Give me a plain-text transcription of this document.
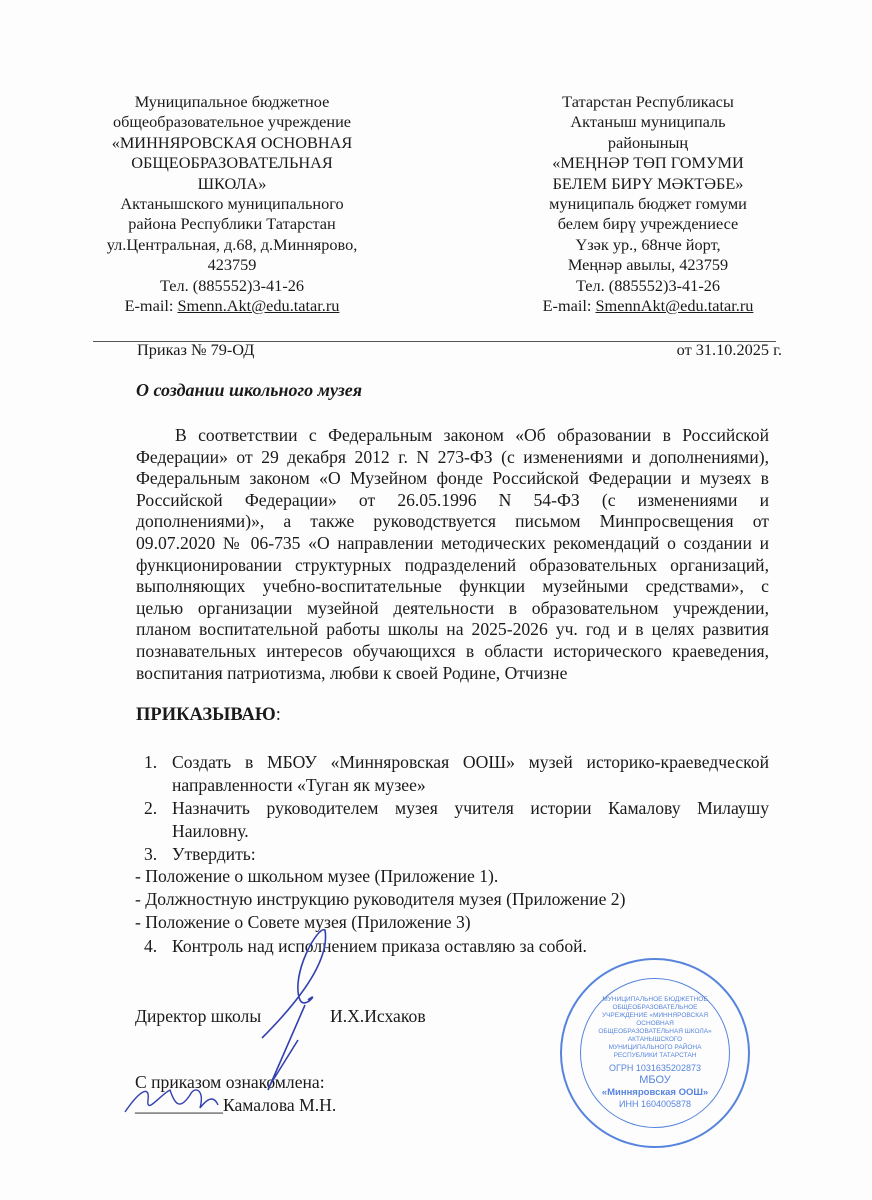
Муниципальное бюджетное
общеобразовательное учреждение
«МИННЯРОВСКАЯ ОСНОВНАЯ
ОБЩЕОБРАЗОВАТЕЛЬНАЯ
ШКОЛА»
Актанышского муниципального
района Республики Татарстан
ул.Центральная, д.68, д.Миннярово,
423759
Тел. (885552)3-41-26
E-mail: Smenn.Akt@edu.tatar.ru
Татарстан Республикасы
Актаныш муниципаль
районының
«МЕҢНӘР ТӨП ГОМУМИ
БЕЛЕМ БИРҮ МӘКТӘБЕ»
муниципаль бюджет гомуми
белем бирү учреждениесе
Үзәк ур., 68нче йорт,
Меңнәр авылы, 423759
Тел. (885552)3-41-26
E-mail: SmennAkt@edu.tatar.ru
Приказ № 79-ОД	от 31.10.2025 г.
О создании школьного музея
В соответствии с Федеральным законом «Об образовании в Российской
Федерации» от 29 декабря 2012 г. N 273-ФЗ (с изменениями и дополнениями),
Федеральным законом «О Музейном фонде Российской Федерации и музеях в
Российской Федерации» от 26.05.1996 N 54-ФЗ (с изменениями и
дополнениями)», а также руководствуется письмом Минпросвещения от
09.07.2020 № 06-735 «О направлении методических рекомендаций о создании и
функционировании структурных подразделений образовательных организаций,
выполняющих учебно-воспитательные функции музейными средствами», с
целью организации музейной деятельности в образовательном учреждении,
планом воспитательной работы школы на 2025-2026 уч. год и в целях развития
познавательных интересов обучающихся в области исторического краеведения,
воспитания патриотизма, любви к своей Родине, Отчизне
ПРИКАЗЫВАЮ:
1. Создать в МБОУ «Минняровская ООШ» музей историко-краеведческой
направленности «Туган як музее»
2. Назначить руководителем музея учителя истории Камалову Милаушу
Наиловну.
3. Утвердить:
- Положение о школьном музее (Приложение 1).
- Должностную инструкцию руководителя музея (Приложение 2)
- Положение о Совете музея (Приложение 3)
4. Контроль над исполнением приказа оставляю за собой.
Директор школы	И.Х.Исхаков
С приказом ознакомлена:
__________Камалова М.Н.
МУНИЦИПАЛЬНОЕ БЮДЖЕТНОЕ ОБЩЕОБРАЗОВАТЕЛЬНОЕ УЧРЕЖДЕНИЕ «МИННЯРОВСКАЯ ОСНОВНАЯ ОБЩЕОБРАЗОВАТЕЛЬНАЯ ШКОЛА» АКТАНЫШСКОГО МУНИЦИПАЛЬНОГО РАЙОНА РЕСПУБЛИКИ ТАТАРСТАН
ОГРН 1031635202873
МБОУ
«Минняровская ООШ»
ИНН 1604005878
